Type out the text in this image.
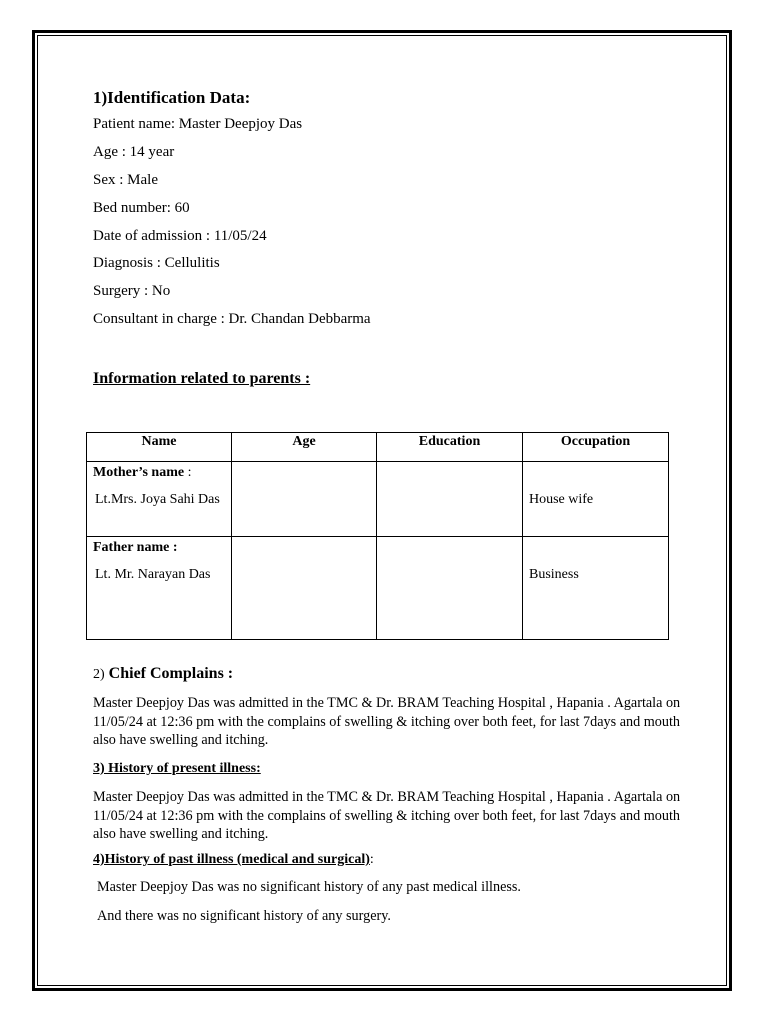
1)Identification Data:
Patient name: Master Deepjoy Das
Age : 14 year
Sex : Male
Bed number: 60
Date of admission : 11/05/24
Diagnosis : Cellulitis
Surgery : No
Consultant in charge : Dr. Chandan Debbarma
Information related to parents :
Name	Age	Education	Occupation

Mother’s name :
Lt.Mrs. Joya Sahi Das			House wife

Father name :
Lt. Mr. Narayan Das			Business
2) Chief Complains :
Master Deepjoy Das was admitted in the TMC & Dr. BRAM Teaching Hospital , Hapania . Agartala on 11/05/24 at 12:36 pm with the complains of swelling & itching over both feet, for last 7days and mouth also have swelling and itching.
3) History of present illness:
Master Deepjoy Das was admitted in the TMC & Dr. BRAM Teaching Hospital , Hapania . Agartala on 11/05/24 at 12:36 pm with the complains of swelling & itching over both feet, for last 7days and mouth also have swelling and itching.
4)History of past illness (medical and surgical):
Master Deepjoy Das was no significant history of any past medical illness.
And there was no significant history of any surgery.
